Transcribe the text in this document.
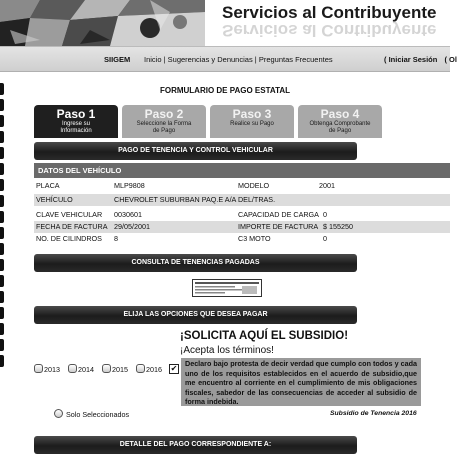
Servicios al Contribuyente
Servicios al Contribuyente
SIIGEM Inicio | Sugerencias y Denuncias | Preguntas Frecuentes	( Iniciar Sesión ( Ol
FORMULARIO DE PAGO ESTATAL
Paso 1
Ingrese su
Información
Paso 2
Seleccione la Forma
de Pago
Paso 3
Realice su Pago
Paso 4
Obtenga Comprobante
de Pago
PAGO DE TENENCIA Y CONTROL VEHICULAR
DATOS DEL VEHÍCULO
PLACA	MLP9808	MODELO	2001
VEHÍCULO	CHEVROLET SUBURBAN PAQ.E A/A DEL/TRAS.
CLAVE VEHICULAR 0030601	CAPACIDAD DE CARGA 0
FECHA DE FACTURA 29/05/2001	IMPORTE DE FACTURA $ 155250
NO. DE CILINDROS 8	C3 MOTO	0
CONSULTA DE TENENCIAS PAGADAS
ELIJA LAS OPCIONES QUE DESEA PAGAR
2013	2014	2015	2016
¡SOLICITA AQUÍ EL SUBSIDIO!
¡Acepta los términos!
✔
Declaro bajo protesta de decir verdad que cumplo con todos y cada uno de los requisitos establecidos en el acuerdo de subsidio,que me encuentro al corriente en el cumplimiento de mis obligaciones fiscales, sabedor de las consecuencias de acceder al subsidio de forma indebida.
Subsidio de Tenencia 2016
Solo Seleccionados
DETALLE DEL PAGO CORRESPONDIENTE A:
